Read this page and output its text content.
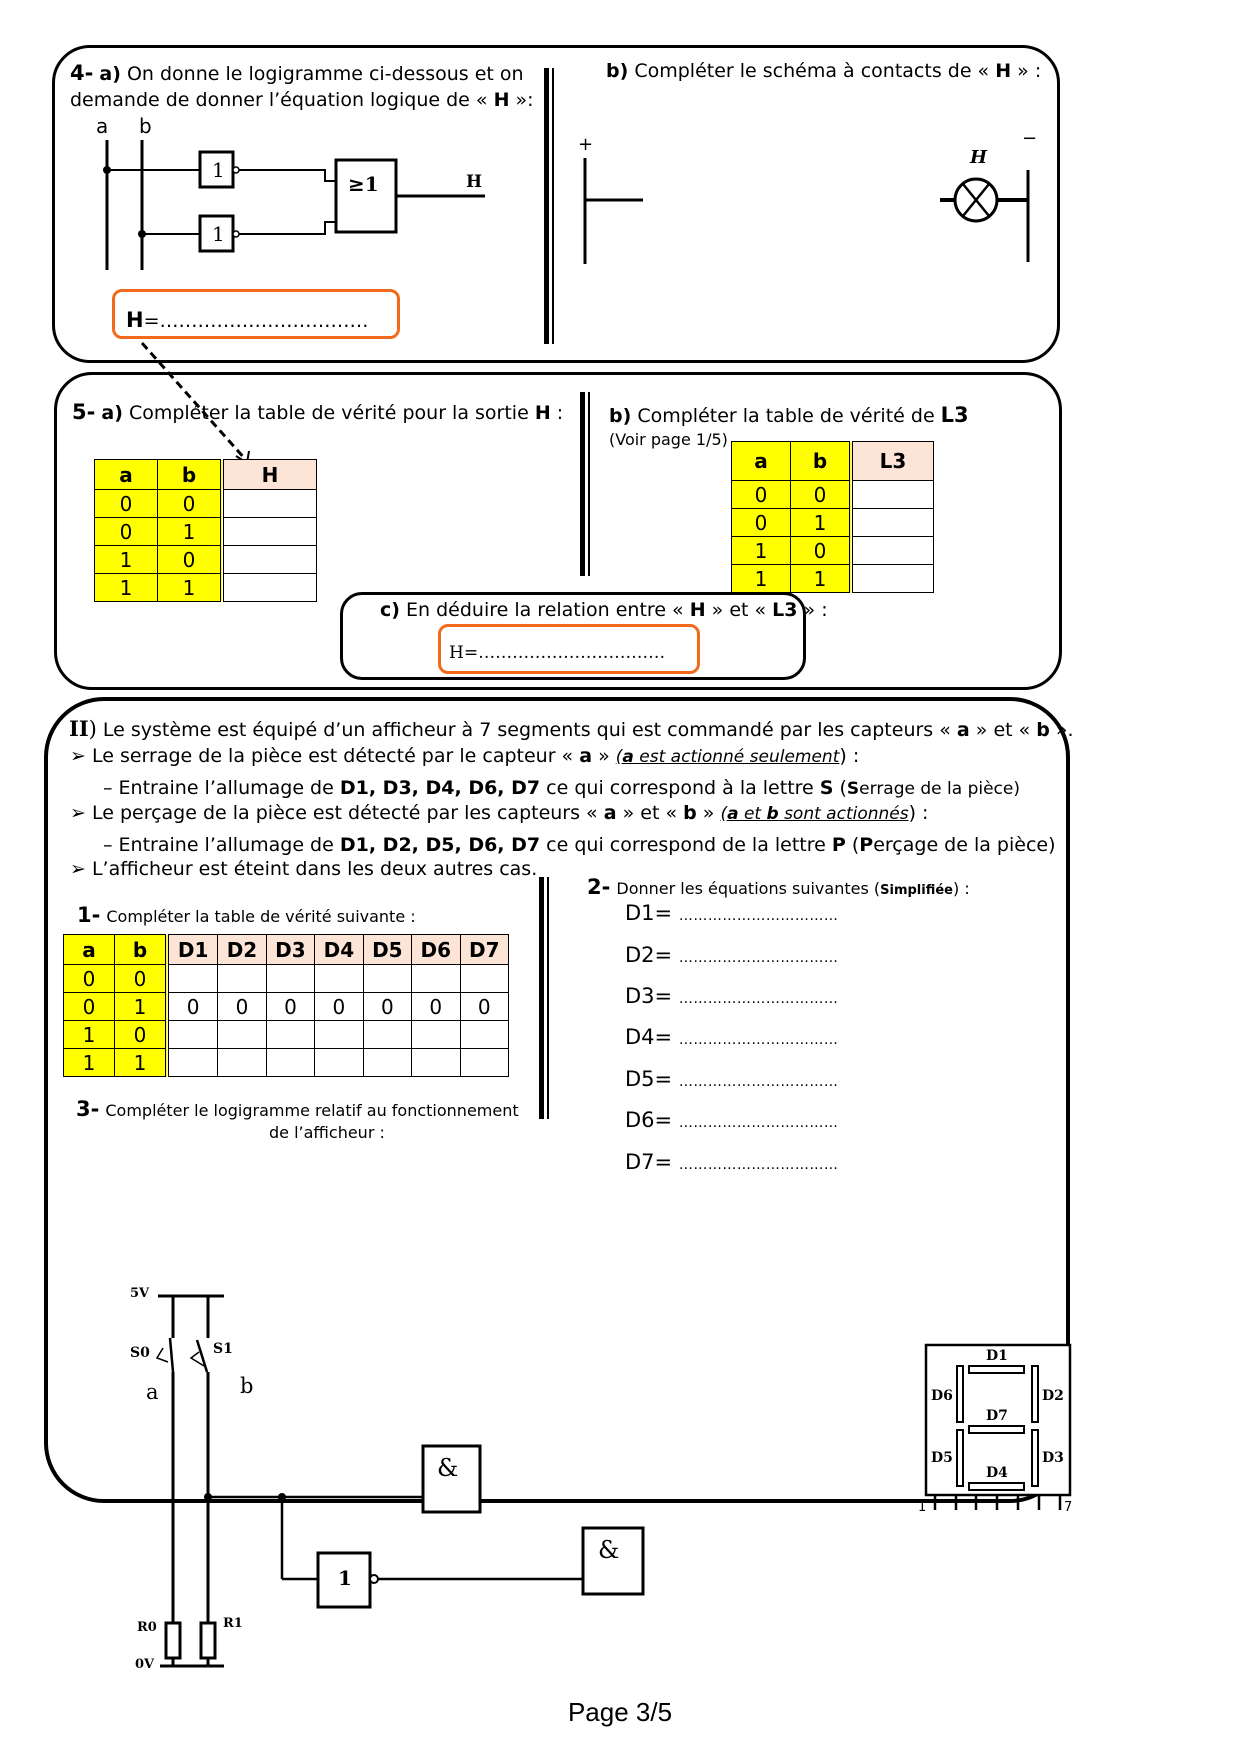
4- a) On donne le logigramme ci-dessous et on
demande de donner l’équation logique de « H »:
a b
1
1
≥1	H
H=……………………………
b) Compléter le schéma à contacts de « H » :
+	−
H
5- a) Compléter la table de vérité pour la sortie H :
a	b	H
0	0	
0	1	
1	0	
1	1	
b) Compléter la table de vérité de L3
(Voir page 1/5)
a	b	L3
0	0	
0	1	
1	0	
1	1	
c) En déduire la relation entre « H » et « L3 » :
H=……………………………
II) Le système est équipé d’un afficheur à 7 segments qui est commandé par les capteurs « a » et « b ».
➢ Le serrage de la pièce est détecté par le capteur « a » (a est actionné seulement) :
– Entraine l’allumage de D1, D3, D4, D6, D7 ce qui correspond à la lettre S (Serrage de la pièce)
➢ Le perçage de la pièce est détecté par les capteurs « a » et « b » (a et b sont actionnés) :
– Entraine l’allumage de D1, D2, D5, D6, D7 ce qui correspond de la lettre P (Perçage de la pièce)
➢ L’afficheur est éteint dans les deux autres cas.
1- Compléter la table de vérité suivante :
a	b	D1	D2	D3	D4	D5	D6	D7
0	0							
0	1	0	0	0	0	0	0	0
1	0							
1	1							
2- Donner les équations suivantes (Simplifiée) :
D1= ……………………………
D2= ……………………………
D3= ……………………………
D4= ……………………………
D5= ……………………………
D6= ……………………………
D7= ……………………………
3- Compléter le logigramme relatif au fonctionnement
de l’afficheur :
5V
0V
S0	S1
a	b
R0	R1
&
&
1
D1
D2
D3
D4
D5
D6
D7
1	7
Page 3/5
